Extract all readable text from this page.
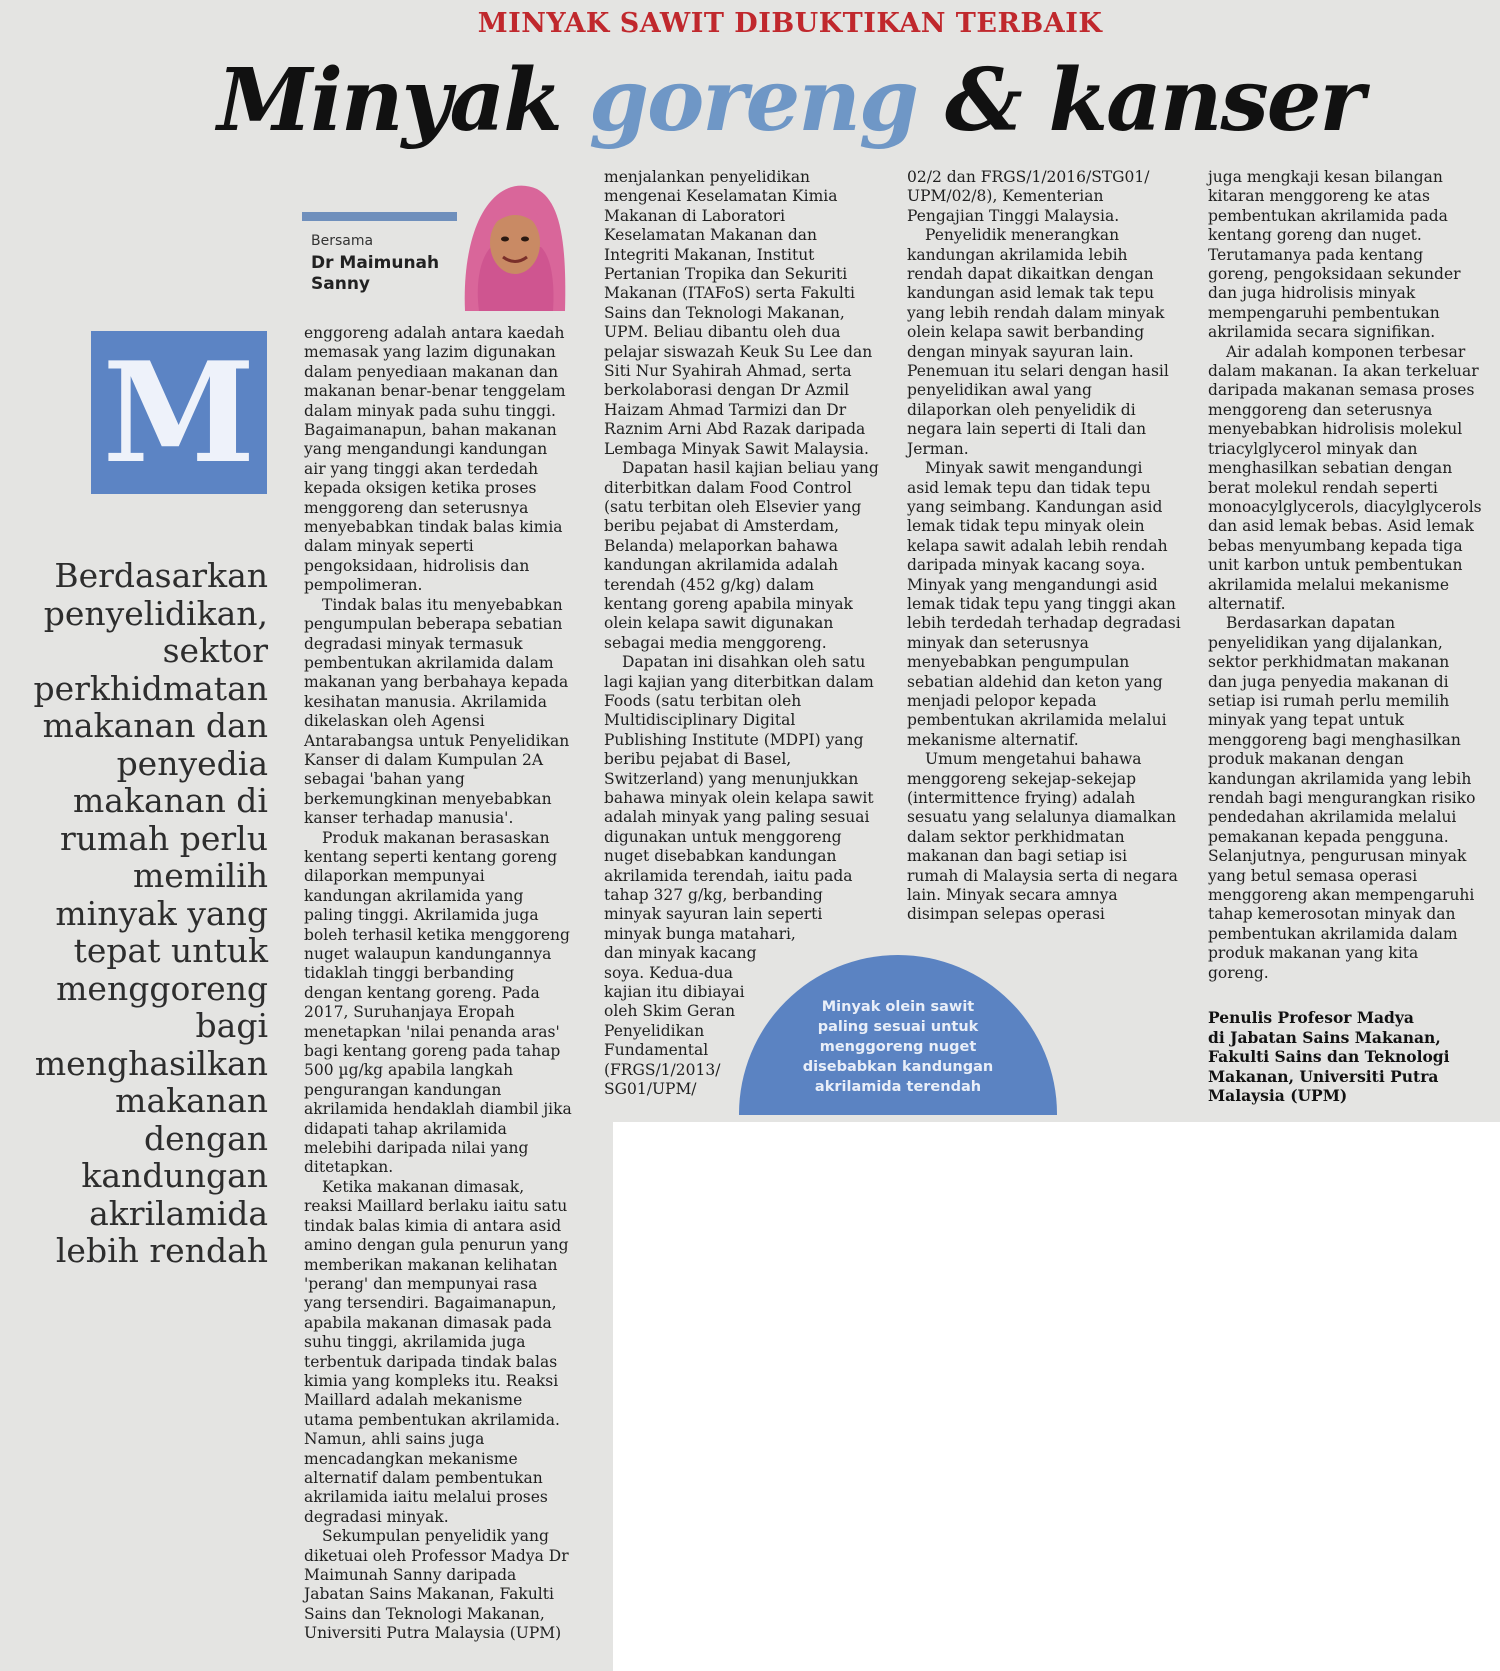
MINYAK SAWIT DIBUKTIKAN TERBAIK
Minyak goreng & kanser
Bersama
Dr Maimunah Sanny
M
Berdasarkan penyelidikan, sektor perkhidmatan makanan dan penyedia makanan di rumah perlu memilih minyak yang tepat untuk menggoreng bagi menghasilkan makanan dengan kandungan akrilamida lebih rendah

enggoreng adalah antara kaedah
memasak yang lazim digunakan
dalam penyediaan makanan dan
makanan benar-benar tenggelam
dalam minyak pada suhu tinggi.
Bagaimanapun, bahan makanan
yang mengandungi kandungan
air yang tinggi akan terdedah
kepada oksigen ketika proses
menggoreng dan seterusnya
menyebabkan tindak balas kimia
dalam minyak seperti
pengoksidaan, hidrolisis dan
pempolimeran.

Tindak balas itu menyebabkan
pengumpulan beberapa sebatian
degradasi minyak termasuk
pembentukan akrilamida dalam
makanan yang berbahaya kepada
kesihatan manusia. Akrilamida
dikelaskan oleh Agensi
Antarabangsa untuk Penyelidikan
Kanser di dalam Kumpulan 2A
sebagai 'bahan yang
berkemungkinan menyebabkan
kanser terhadap manusia'.

Produk makanan berasaskan
kentang seperti kentang goreng
dilaporkan mempunyai
kandungan akrilamida yang
paling tinggi. Akrilamida juga
boleh terhasil ketika menggoreng
nuget walaupun kandungannya
tidaklah tinggi berbanding
dengan kentang goreng. Pada
2017, Suruhanjaya Eropah
menetapkan 'nilai penanda aras'
bagi kentang goreng pada tahap
500 µg/kg apabila langkah
pengurangan kandungan
akrilamida hendaklah diambil jika
didapati tahap akrilamida
melebihi daripada nilai yang
ditetapkan.

Ketika makanan dimasak,
reaksi Maillard berlaku iaitu satu
tindak balas kimia di antara asid
amino dengan gula penurun yang
memberikan makanan kelihatan
'perang' dan mempunyai rasa
yang tersendiri. Bagaimanapun,
apabila makanan dimasak pada
suhu tinggi, akrilamida juga
terbentuk daripada tindak balas
kimia yang kompleks itu. Reaksi
Maillard adalah mekanisme
utama pembentukan akrilamida.
Namun, ahli sains juga
mencadangkan mekanisme
alternatif dalam pembentukan
akrilamida iaitu melalui proses
degradasi minyak.

Sekumpulan penyelidik yang
diketuai oleh Professor Madya Dr
Maimunah Sanny daripada
Jabatan Sains Makanan, Fakulti
Sains dan Teknologi Makanan,
Universiti Putra Malaysia (UPM)

menjalankan penyelidikan
mengenai Keselamatan Kimia
Makanan di Laboratori
Keselamatan Makanan dan
Integriti Makanan, Institut
Pertanian Tropika dan Sekuriti
Makanan (ITAFoS) serta Fakulti
Sains dan Teknologi Makanan,
UPM. Beliau dibantu oleh dua
pelajar siswazah Keuk Su Lee dan
Siti Nur Syahirah Ahmad, serta
berkolaborasi dengan Dr Azmil
Haizam Ahmad Tarmizi dan Dr
Raznim Arni Abd Razak daripada
Lembaga Minyak Sawit Malaysia.

Dapatan hasil kajian beliau yang
diterbitkan dalam Food Control
(satu terbitan oleh Elsevier yang
beribu pejabat di Amsterdam,
Belanda) melaporkan bahawa
kandungan akrilamida adalah
terendah (452 g/kg) dalam
kentang goreng apabila minyak
olein kelapa sawit digunakan
sebagai media menggoreng.

Dapatan ini disahkan oleh satu
lagi kajian yang diterbitkan dalam
Foods (satu terbitan oleh
Multidisciplinary Digital
Publishing Institute (MDPI) yang
beribu pejabat di Basel,
Switzerland) yang menunjukkan
bahawa minyak olein kelapa sawit
adalah minyak yang paling sesuai
digunakan untuk menggoreng
nuget disebabkan kandungan
akrilamida terendah, iaitu pada
tahap 327 g/kg, berbanding
minyak sayuran lain seperti
minyak bunga matahari,
dan minyak kacang
soya. Kedua-dua
kajian itu dibiayai
oleh Skim Geran
Penyelidikan
Fundamental
(FRGS/1/2013/
SG01/UPM/

02/2 dan FRGS/1/2016/STG01/
UPM/02/8), Kementerian
Pengajian Tinggi Malaysia.

Penyelidik menerangkan
kandungan akrilamida lebih
rendah dapat dikaitkan dengan
kandungan asid lemak tak tepu
yang lebih rendah dalam minyak
olein kelapa sawit berbanding
dengan minyak sayuran lain.
Penemuan itu selari dengan hasil
penyelidikan awal yang
dilaporkan oleh penyelidik di
negara lain seperti di Itali dan
Jerman.

Minyak sawit mengandungi
asid lemak tepu dan tidak tepu
yang seimbang. Kandungan asid
lemak tidak tepu minyak olein
kelapa sawit adalah lebih rendah
daripada minyak kacang soya.
Minyak yang mengandungi asid
lemak tidak tepu yang tinggi akan
lebih terdedah terhadap degradasi
minyak dan seterusnya
menyebabkan pengumpulan
sebatian aldehid dan keton yang
menjadi pelopor kepada
pembentukan akrilamida melalui
mekanisme alternatif.

Umum mengetahui bahawa
menggoreng sekejap-sekejap
(intermittence frying) adalah
sesuatu yang selalunya diamalkan
dalam sektor perkhidmatan
makanan dan bagi setiap isi
rumah di Malaysia serta di negara
lain. Minyak secara amnya
disimpan selepas operasi

juga mengkaji kesan bilangan
kitaran menggoreng ke atas
pembentukan akrilamida pada
kentang goreng dan nuget.
Terutamanya pada kentang
goreng, pengoksidaan sekunder
dan juga hidrolisis minyak
mempengaruhi pembentukan
akrilamida secara signifikan.

Air adalah komponen terbesar
dalam makanan. Ia akan terkeluar
daripada makanan semasa proses
menggoreng dan seterusnya
menyebabkan hidrolisis molekul
triacylglycerol minyak dan
menghasilkan sebatian dengan
berat molekul rendah seperti
monoacylglycerols, diacylglycerols
dan asid lemak bebas. Asid lemak
bebas menyumbang kepada tiga
unit karbon untuk pembentukan
akrilamida melalui mekanisme
alternatif.

Berdasarkan dapatan
penyelidikan yang dijalankan,
sektor perkhidmatan makanan
dan juga penyedia makanan di
setiap isi rumah perlu memilih
minyak yang tepat untuk
menggoreng bagi menghasilkan
produk makanan dengan
kandungan akrilamida yang lebih
rendah bagi mengurangkan risiko
pendedahan akrilamida melalui
pemakanan kepada pengguna.
Selanjutnya, pengurusan minyak
yang betul semasa operasi
menggoreng akan mempengaruhi
tahap kemerosotan minyak dan
pembentukan akrilamida dalam
produk makanan yang kita
goreng.

Minyak olein sawit
paling sesuai untuk
menggoreng nuget
disebabkan kandungan
akrilamida terendah
Penulis Profesor Madya
di Jabatan Sains Makanan,
Fakulti Sains dan Teknologi
Makanan, Universiti Putra
Malaysia (UPM)
